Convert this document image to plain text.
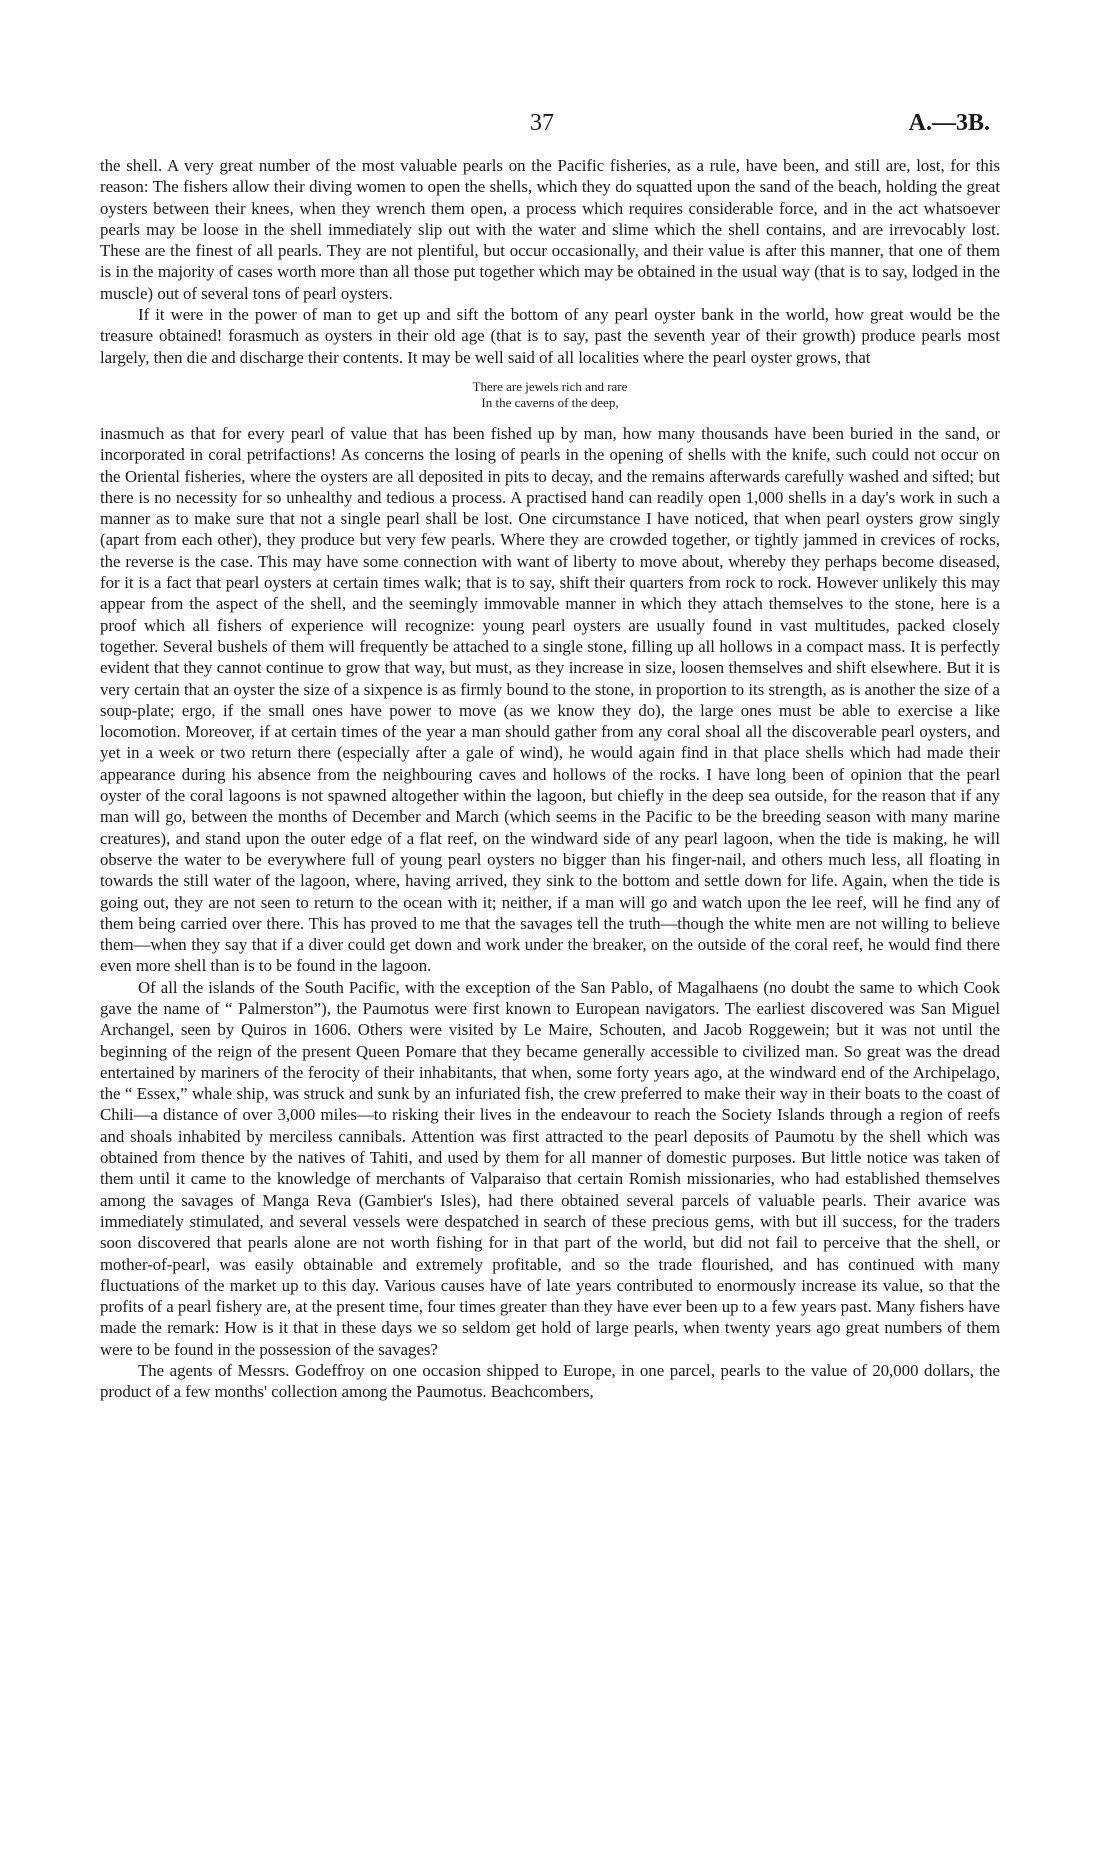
37	A.—3B.

the shell. A very great number of the most valuable pearls on the Pacific fisheries, as a rule, have been, and still are, lost, for this reason: The fishers allow their diving women to open the shells, which they do squatted upon the sand of the beach, holding the great oysters between their knees, when they wrench them open, a process which requires considerable force, and in the act whatsoever pearls may be loose in the shell immediately slip out with the water and slime which the shell contains, and are irrevocably lost. These are the finest of all pearls. They are not plentiful, but occur occasionally, and their value is after this manner, that one of them is in the majority of cases worth more than all those put together which may be obtained in the usual way (that is to say, lodged in the muscle) out of several tons of pearl oysters.

If it were in the power of man to get up and sift the bottom of any pearl oyster bank in the world, how great would be the treasure obtained! forasmuch as oysters in their old age (that is to say, past the seventh year of their growth) produce pearls most largely, then die and discharge their contents. It may be well said of all localities where the pearl oyster grows, that

There are jewels rich and rare
In the caverns of the deep,

inasmuch as that for every pearl of value that has been fished up by man, how many thousands have been buried in the sand, or incorporated in coral petrifactions! As concerns the losing of pearls in the opening of shells with the knife, such could not occur on the Oriental fisheries, where the oysters are all deposited in pits to decay, and the remains afterwards carefully washed and sifted; but there is no necessity for so unhealthy and tedious a process. A practised hand can readily open 1,000 shells in a day's work in such a manner as to make sure that not a single pearl shall be lost. One circumstance I have noticed, that when pearl oysters grow singly (apart from each other), they produce but very few pearls. Where they are crowded together, or tightly jammed in crevices of rocks, the reverse is the case. This may have some connection with want of liberty to move about, whereby they perhaps become diseased, for it is a fact that pearl oysters at certain times walk; that is to say, shift their quarters from rock to rock. However unlikely this may appear from the aspect of the shell, and the seemingly immovable manner in which they attach themselves to the stone, here is a proof which all fishers of experience will recognize: young pearl oysters are usually found in vast multitudes, packed closely together. Several bushels of them will frequently be attached to a single stone, filling up all hollows in a compact mass. It is perfectly evident that they cannot continue to grow that way, but must, as they increase in size, loosen themselves and shift elsewhere. But it is very certain that an oyster the size of a sixpence is as firmly bound to the stone, in proportion to its strength, as is another the size of a soup-plate; ergo, if the small ones have power to move (as we know they do), the large ones must be able to exercise a like locomotion. Moreover, if at certain times of the year a man should gather from any coral shoal all the discoverable pearl oysters, and yet in a week or two return there (especially after a gale of wind), he would again find in that place shells which had made their appearance during his absence from the neighbouring caves and hollows of the rocks. I have long been of opinion that the pearl oyster of the coral lagoons is not spawned altogether within the lagoon, but chiefly in the deep sea outside, for the reason that if any man will go, between the months of December and March (which seems in the Pacific to be the breeding season with many marine creatures), and stand upon the outer edge of a flat reef, on the windward side of any pearl lagoon, when the tide is making, he will observe the water to be everywhere full of young pearl oysters no bigger than his finger-nail, and others much less, all floating in towards the still water of the lagoon, where, having arrived, they sink to the bottom and settle down for life. Again, when the tide is going out, they are not seen to return to the ocean with it; neither, if a man will go and watch upon the lee reef, will he find any of them being carried over there. This has proved to me that the savages tell the truth—though the white men are not willing to believe them—when they say that if a diver could get down and work under the breaker, on the outside of the coral reef, he would find there even more shell than is to be found in the lagoon.

Of all the islands of the South Pacific, with the exception of the San Pablo, of Magalhaens (no doubt the same to which Cook gave the name of “ Palmerston”), the Paumotus were first known to European navigators. The earliest discovered was San Miguel Archangel, seen by Quiros in 1606. Others were visited by Le Maire, Schouten, and Jacob Roggewein; but it was not until the beginning of the reign of the present Queen Pomare that they became generally accessible to civilized man. So great was the dread entertained by mariners of the ferocity of their inhabitants, that when, some forty years ago, at the windward end of the Archipelago, the “ Essex,” whale ship, was struck and sunk by an infuriated fish, the crew preferred to make their way in their boats to the coast of Chili—a distance of over 3,000 miles—to risking their lives in the endeavour to reach the Society Islands through a region of reefs and shoals inhabited by merciless cannibals. Attention was first attracted to the pearl deposits of Paumotu by the shell which was obtained from thence by the natives of Tahiti, and used by them for all manner of domestic purposes. But little notice was taken of them until it came to the knowledge of merchants of Valparaiso that certain Romish missionaries, who had established themselves among the savages of Manga Reva (Gambier's Isles), had there obtained several parcels of valuable pearls. Their avarice was immediately stimulated, and several vessels were despatched in search of these precious gems, with but ill success, for the traders soon discovered that pearls alone are not worth fishing for in that part of the world, but did not fail to perceive that the shell, or mother-of-pearl, was easily obtainable and extremely profitable, and so the trade flourished, and has continued with many fluctuations of the market up to this day. Various causes have of late years contributed to enormously increase its value, so that the profits of a pearl fishery are, at the present time, four times greater than they have ever been up to a few years past. Many fishers have made the remark: How is it that in these days we so seldom get hold of large pearls, when twenty years ago great numbers of them were to be found in the possession of the savages?

The agents of Messrs. Godeffroy on one occasion shipped to Europe, in one parcel, pearls to the value of 20,000 dollars, the product of a few months' collection among the Paumotus. Beachcombers,
